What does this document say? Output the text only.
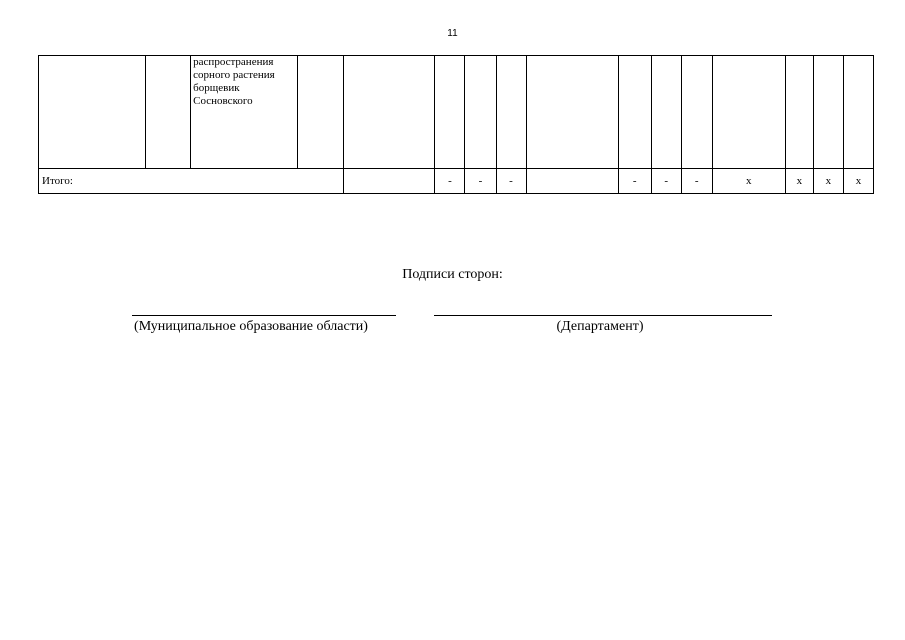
11
		распространения сорного растения борщевик Сосновского													
Итого:					-	-	-		-	-	-	х	х	х	х
Подписи сторон:
(Муниципальное образование области)	(Департамент)
